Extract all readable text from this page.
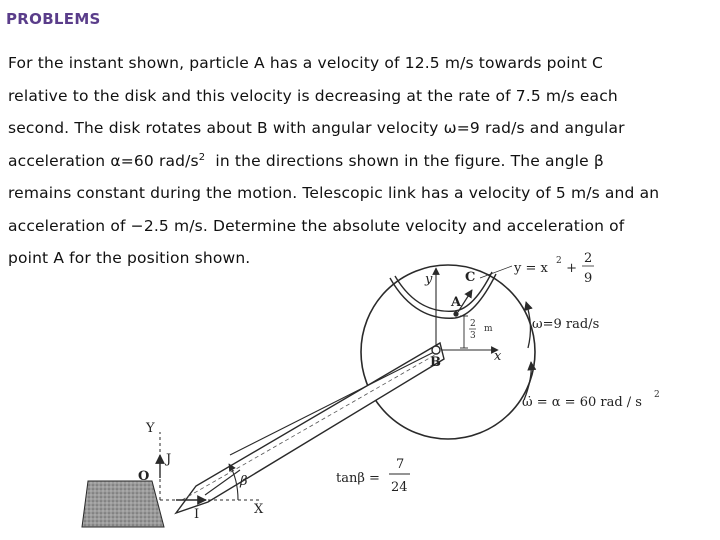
PROBLEMS
For the instant shown, particle A has a velocity of 12.5 m/s towards point C
relative to the disk and this velocity is decreasing at the rate of 7.5 m/s each
second. The disk rotates about B with angular velocity ω=9 rad/s and angular
acceleration α=60 rad/$s^2$  in the directions shown in the figure. The angle β
remains constant during the motion. Telescopic link has a velocity of 5 m/s and an
acceleration of −2.5 m/s. Determine the absolute velocity and acceleration of
point A for the position shown.
2
3
m
y = x 2 +
2
9
ω=9 rad/s
ω̇ = α = 60 rad / s 2
Y
J
O
I	X
β
y
x
A
C
B
tanβ =
7
24
